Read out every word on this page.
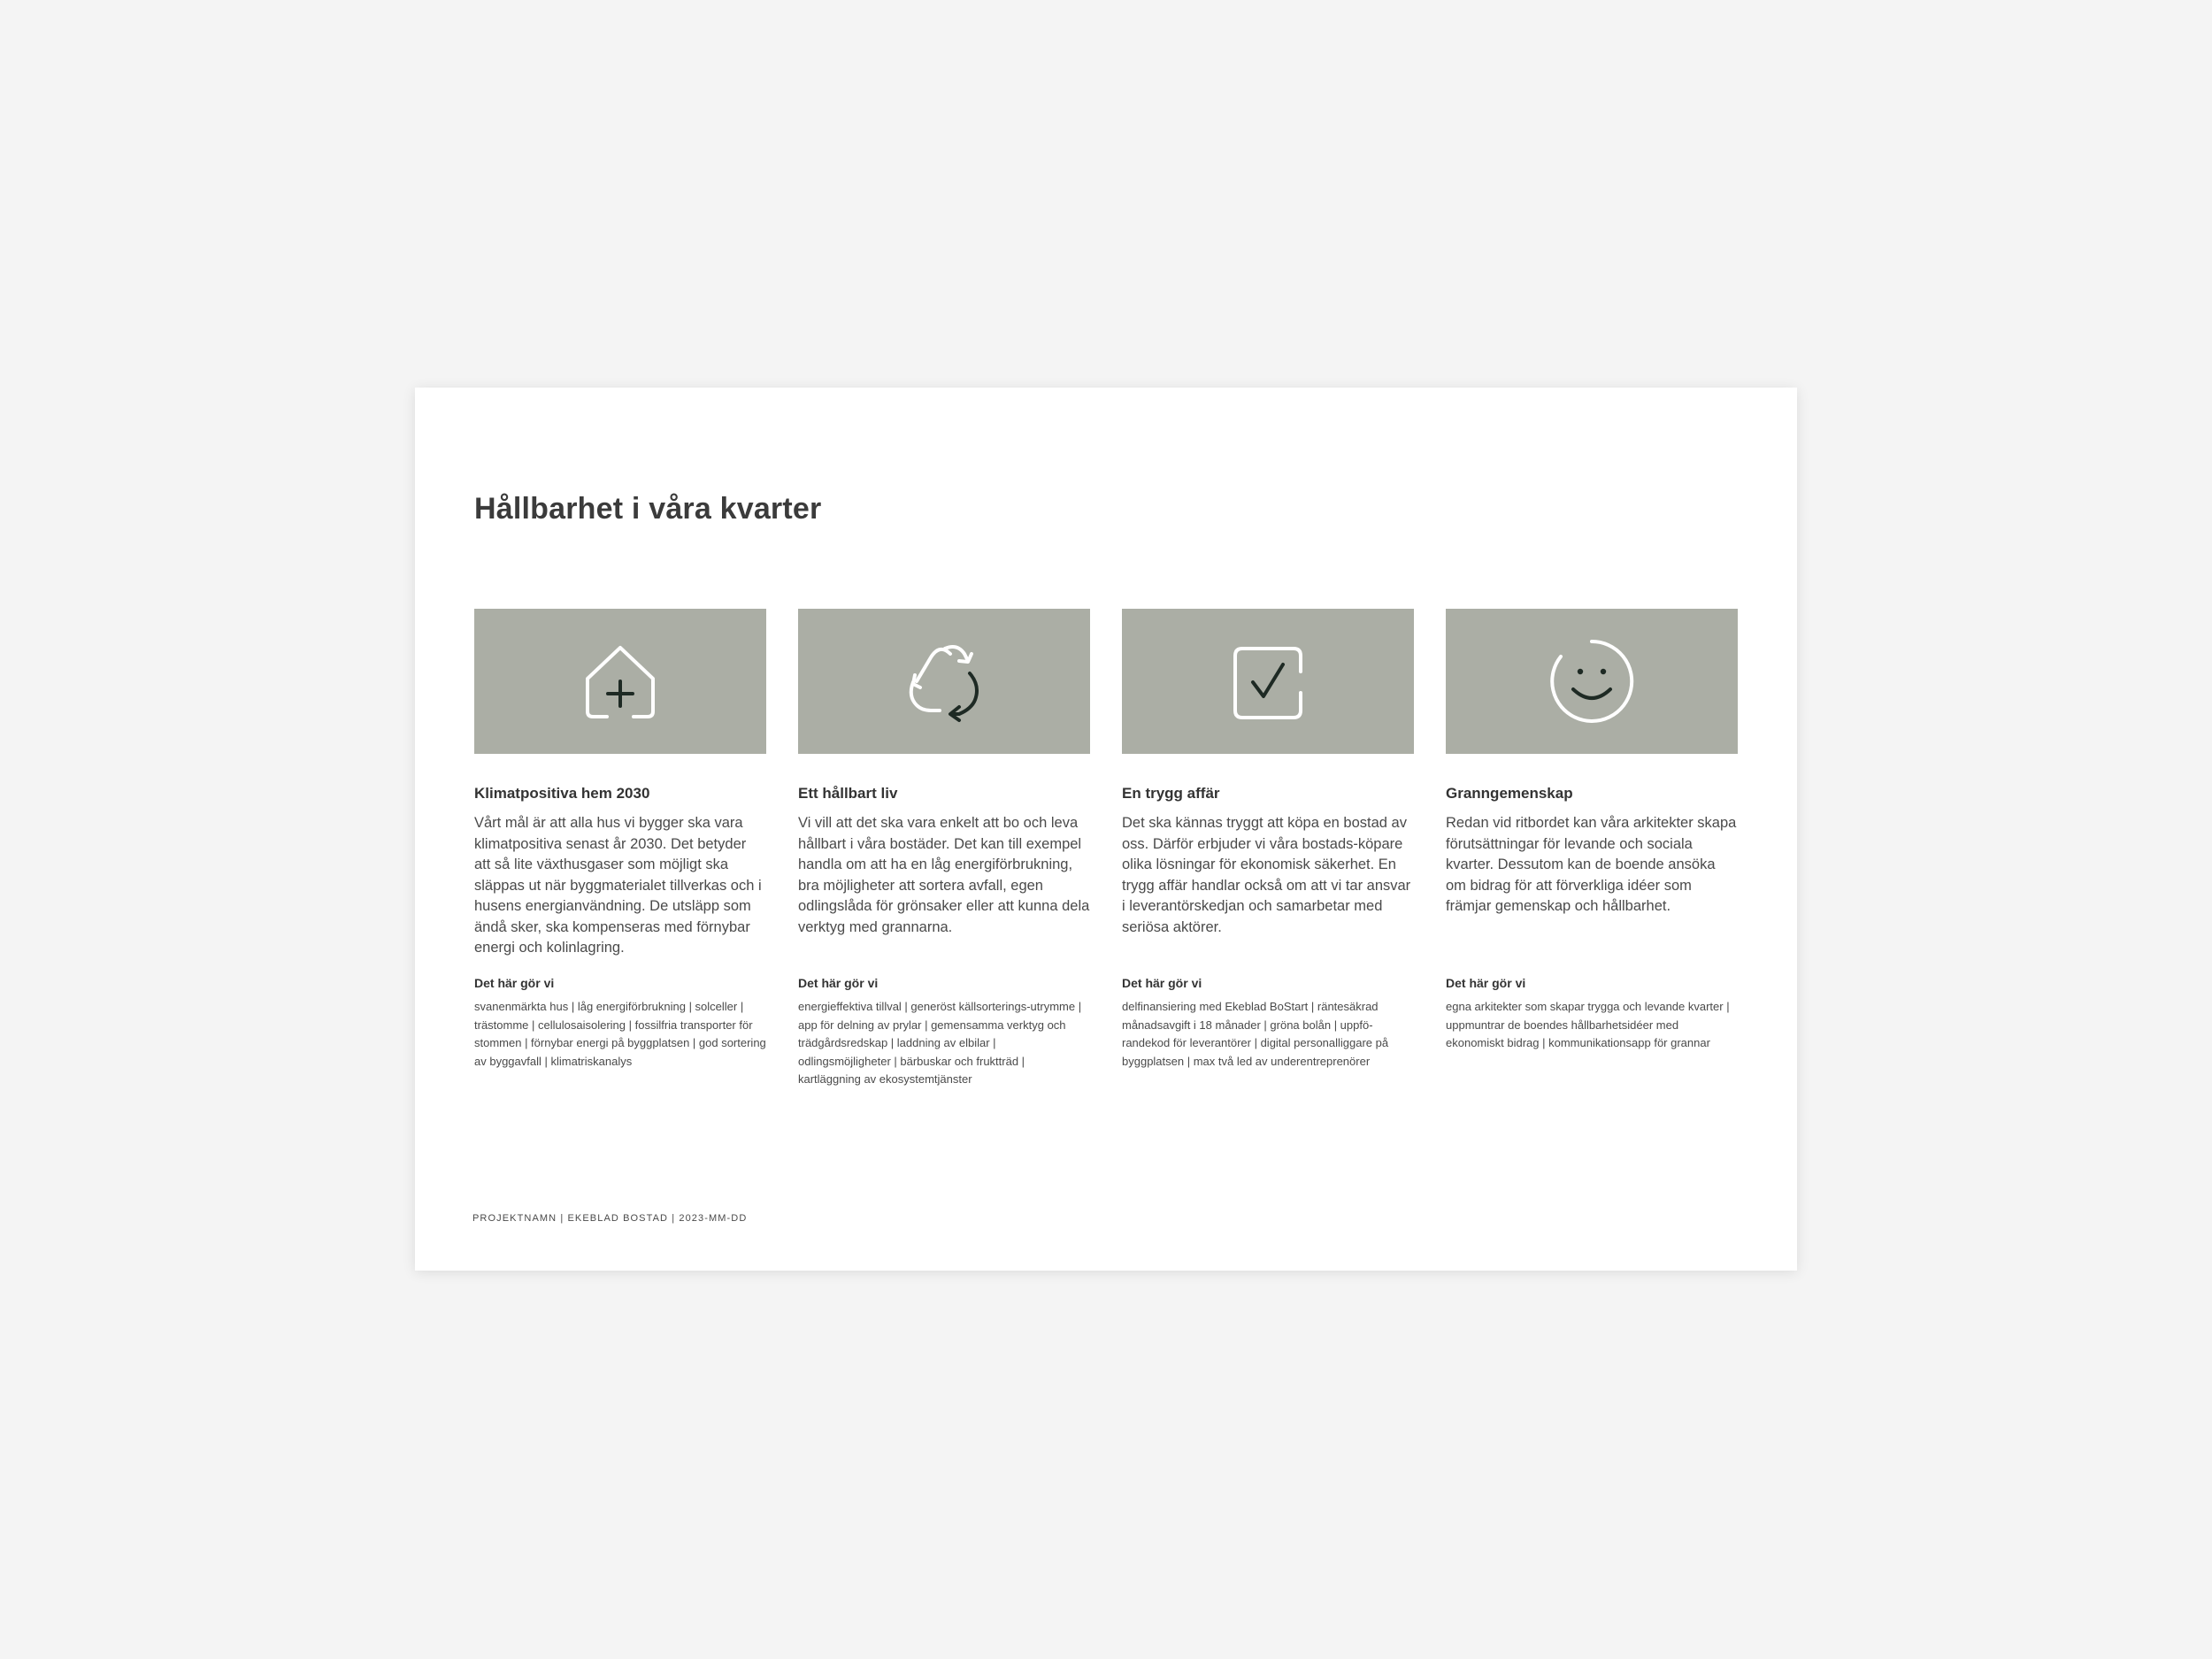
Hållbarhet i våra kvarter
Klimatpositiva hem 2030
Vårt mål är att alla hus vi bygger ska vara klimatpositiva senast år 2030. Det betyder att så lite växthusgaser som möjligt ska släppas ut när byggmaterialet tillverkas och i husens energianvändning. De utsläpp som ändå sker, ska kompenseras med förnybar energi och kolinlagring.
Det här gör vi
svanenmärkta hus | låg energiförbrukning | solceller | trästomme | cellulosaisolering | fossilfria transporter för stommen | förnybar energi på byggplatsen | god sortering av byggavfall | klimatriskanalys
Ett hållbart liv
Vi vill att det ska vara enkelt att bo och leva hållbart i våra bostäder. Det kan till exempel handla om att ha en låg energiförbrukning, bra möjligheter att sortera avfall, egen odlingslåda för grönsaker eller att kunna dela verktyg med grannarna.
Det här gör vi
energieffektiva tillval | generöst källsorterings-utrymme | app för delning av prylar | gemensamma verktyg och trädgårdsredskap | laddning av elbilar | odlingsmöjligheter | bärbuskar och fruktträd | kartläggning av ekosystemtjänster
En trygg affär
Det ska kännas tryggt att köpa en bostad av oss. Därför erbjuder vi våra bostads-köpare olika lösningar för ekonomisk säkerhet. En trygg affär handlar också om att vi tar ansvar i leverantörskedjan och samarbetar med seriösa aktörer.
Det här gör vi
delfinansiering med Ekeblad BoStart | räntesäkrad månadsavgift i 18 månader | gröna bolån | uppfö-randekod för leverantörer | digital personalliggare på byggplatsen | max två led av underentreprenörer
Granngemenskap
Redan vid ritbordet kan våra arkitekter skapa förutsättningar för levande och sociala kvarter. Dessutom kan de boende ansöka om bidrag för att förverkliga idéer som främjar gemenskap och hållbarhet.
Det här gör vi
egna arkitekter som skapar trygga och levande kvarter | uppmuntrar de boendes hållbarhetsidéer med ekonomiskt bidrag | kommunikationsapp för grannar
PROJEKTNAMN | EKEBLAD BOSTAD | 2023-MM-DD
